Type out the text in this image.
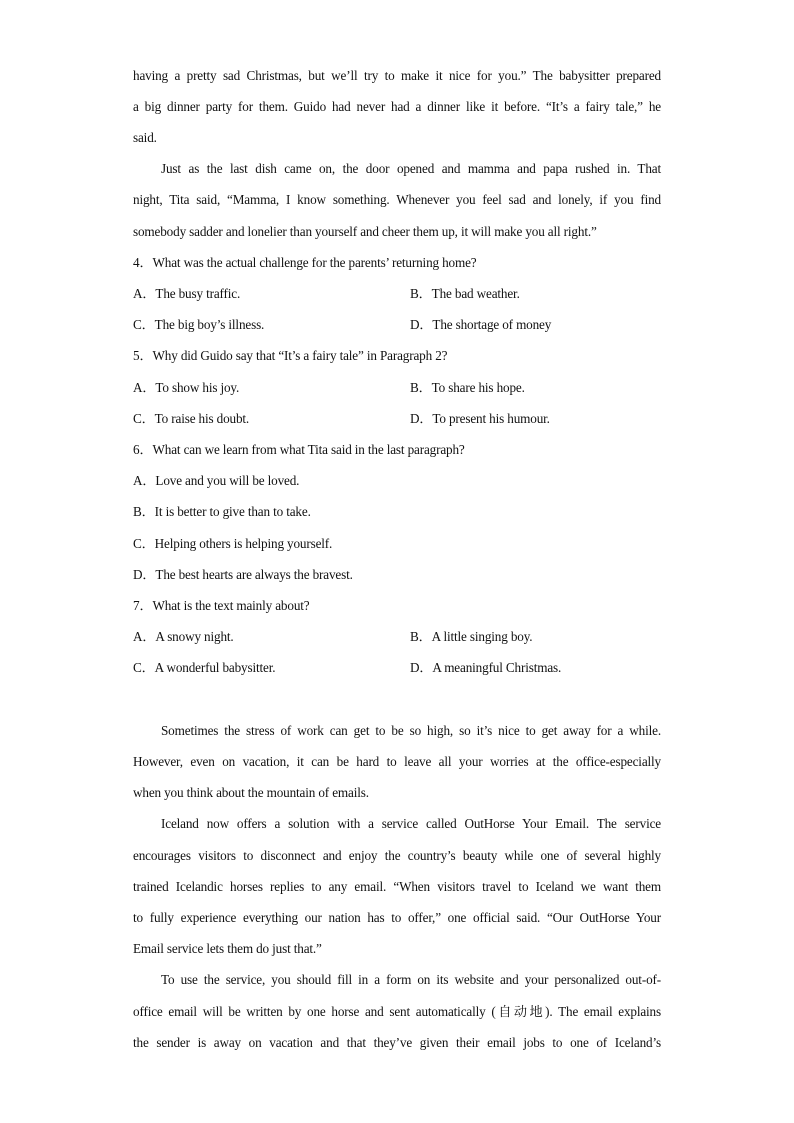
having a pretty sad Christmas, but we’ll try to make it nice for you.” The babysitter prepared
a big dinner party for them. Guido had never had a dinner like it before. “It’s a fairy tale,” he
said.
Just as the last dish came on, the door opened and mamma and papa rushed in. That
night, Tita said, “Mamma, I know something. Whenever you feel sad and lonely, if you find
somebody sadder and lonelier than yourself and cheer them up, it will make you all right.”
4．What was the actual challenge for the parents’ returning home?
A．The busy traffic.	B．The bad weather.
C．The big boy’s illness.	D．The shortage of money
5．Why did Guido say that “It’s a fairy tale” in Paragraph 2?
A．To show his joy.	B．To share his hope.
C．To raise his doubt.	D．To present his humour.
6．What can we learn from what Tita said in the last paragraph?
A．Love and you will be loved.
B．It is better to give than to take.
C．Helping others is helping yourself.
D．The best hearts are always the bravest.
7．What is the text mainly about?
A．A snowy night.	B．A little singing boy.
C．A wonderful babysitter.	D．A meaningful Christmas.
Sometimes the stress of work can get to be so high, so it’s nice to get away for a while.
However, even on vacation, it can be hard to leave all your worries at the office-especially
when you think about the mountain of emails.
Iceland now offers a solution with a service called OutHorse Your Email. The service
encourages visitors to disconnect and enjoy the country’s beauty while one of several highly
trained Icelandic horses replies to any email. “When visitors travel to Iceland we want them
to fully experience everything our nation has to offer,” one official said. “Our OutHorse Your
Email service lets them do just that.”
To use the service, you should fill in a form on its website and your personalized out-of-
office email will be written by one horse and sent automatically (自动地). The email explains
the sender is away on vacation and that they’ve given their email jobs to one of Iceland’s
